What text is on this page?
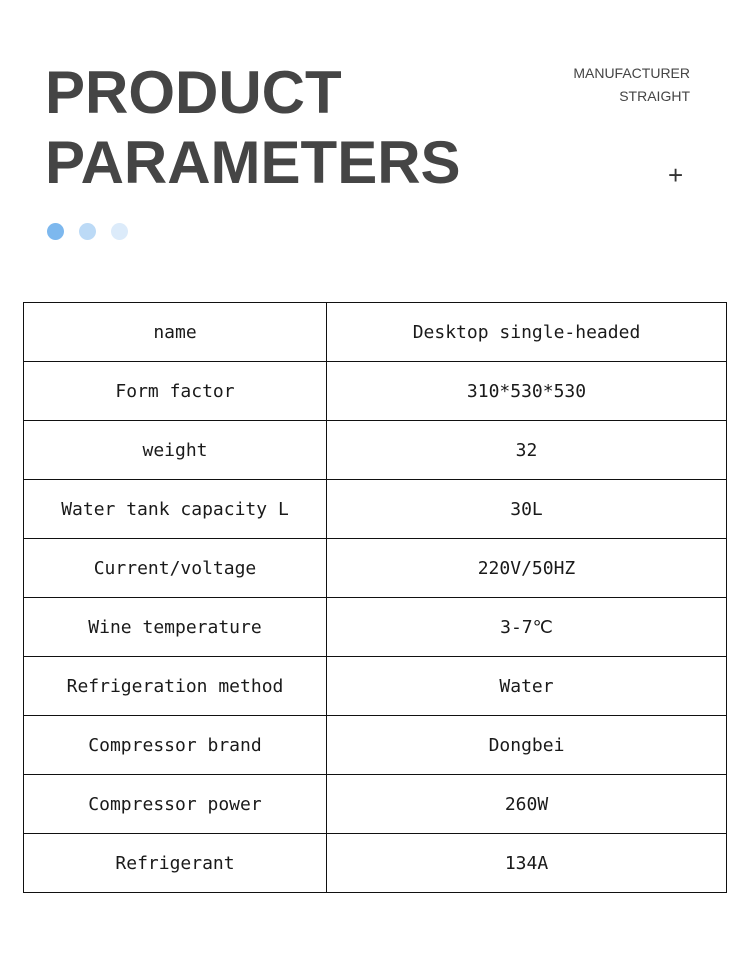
PRODUCT
PARAMETERS
MANUFACTURER
STRAIGHT
+
name	Desktop single-headed
Form factor	310*530*530
weight	32
Water tank capacity L	30L
Current/voltage	220V/50HZ
Wine temperature	3-7℃
Refrigeration method	Water
Compressor brand	Dongbei
Compressor power	260W
Refrigerant	134A
